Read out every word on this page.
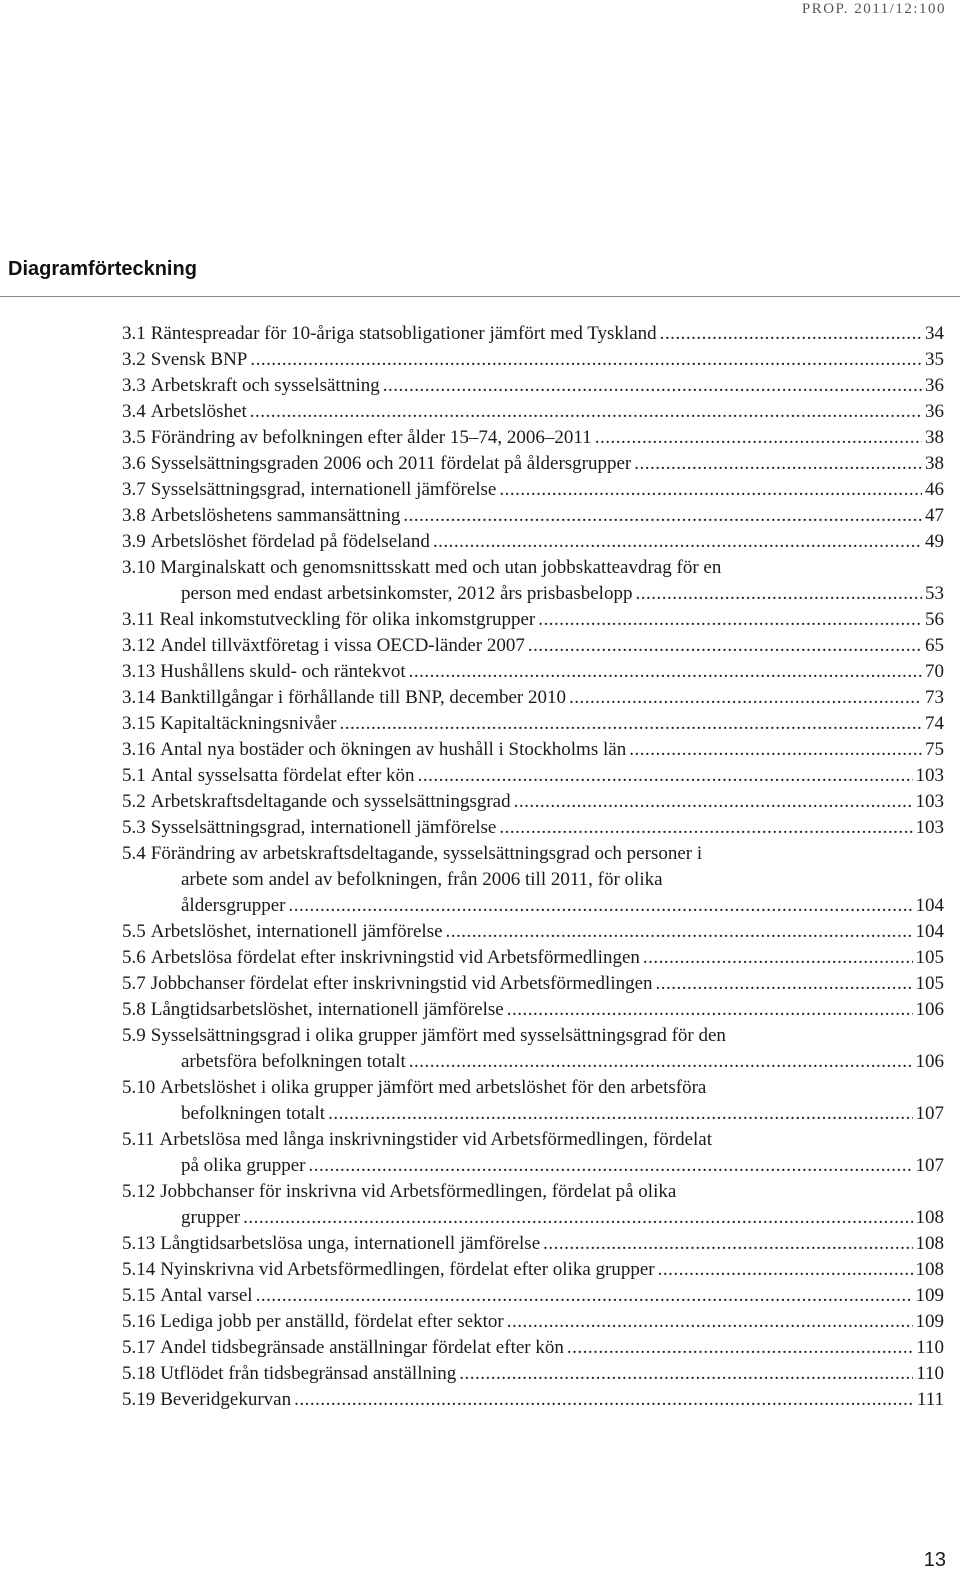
PROP. 2011/12:100
Diagramförteckning
3.1 Räntespreadar för 10-åriga statsobligationer jämfört med Tyskland .....	34
3.2 Svensk BNP .....	35
3.3 Arbetskraft och sysselsättning .....	36
3.4 Arbetslöshet .....	36
3.5 Förändring av befolkningen efter ålder 15–74, 2006–2011 .....	38
3.6 Sysselsättningsgraden 2006 och 2011 fördelat på åldersgrupper .....	38
3.7 Sysselsättningsgrad, internationell jämförelse .....	46
3.8 Arbetslöshetens sammansättning .....	47
3.9 Arbetslöshet fördelad på födelseland .....	49
3.10 Marginalskatt och genomsnittsskatt med och utan jobbskatteavdrag för en
person med endast arbetsinkomster, 2012 års prisbasbelopp .....	53
3.11 Real inkomstutveckling för olika inkomstgrupper .....	56
3.12 Andel tillväxtföretag i vissa OECD-länder 2007 .....	65
3.13 Hushållens skuld- och räntekvot .....	70
3.14 Banktillgångar i förhållande till BNP, december 2010 .....	73
3.15 Kapitaltäckningsnivåer .....	74
3.16 Antal nya bostäder och ökningen av hushåll i Stockholms län .....	75
5.1 Antal sysselsatta fördelat efter kön .....	103
5.2 Arbetskraftsdeltagande och sysselsättningsgrad .....	103
5.3 Sysselsättningsgrad, internationell jämförelse .....	103
5.4 Förändring av arbetskraftsdeltagande, sysselsättningsgrad och personer i
arbete som andel av befolkningen, från 2006 till 2011, för olika
åldersgrupper .....	104
5.5 Arbetslöshet, internationell jämförelse .....	104
5.6 Arbetslösa fördelat efter inskrivningstid vid Arbetsförmedlingen .....	105
5.7 Jobbchanser fördelat efter inskrivningstid vid Arbetsförmedlingen .....	105
5.8 Långtidsarbetslöshet, internationell jämförelse .....	106
5.9 Sysselsättningsgrad i olika grupper jämfört med sysselsättningsgrad för den
arbetsföra befolkningen totalt .....	106
5.10 Arbetslöshet i olika grupper jämfört med arbetslöshet för den arbetsföra
befolkningen totalt .....	107
5.11 Arbetslösa med långa inskrivningstider vid Arbetsförmedlingen, fördelat
på olika grupper .....	107
5.12 Jobbchanser för inskrivna vid Arbetsförmedlingen, fördelat på olika
grupper .....	108
5.13 Långtidsarbetslösa unga, internationell jämförelse .....	108
5.14 Nyinskrivna vid Arbetsförmedlingen, fördelat efter olika grupper .....	108
5.15 Antal varsel .....	109
5.16 Lediga jobb per anställd, fördelat efter sektor .....	109
5.17 Andel tidsbegränsade anställningar fördelat efter kön .....	110
5.18 Utflödet från tidsbegränsad anställning .....	110
5.19 Beveridgekurvan .....	111
13
